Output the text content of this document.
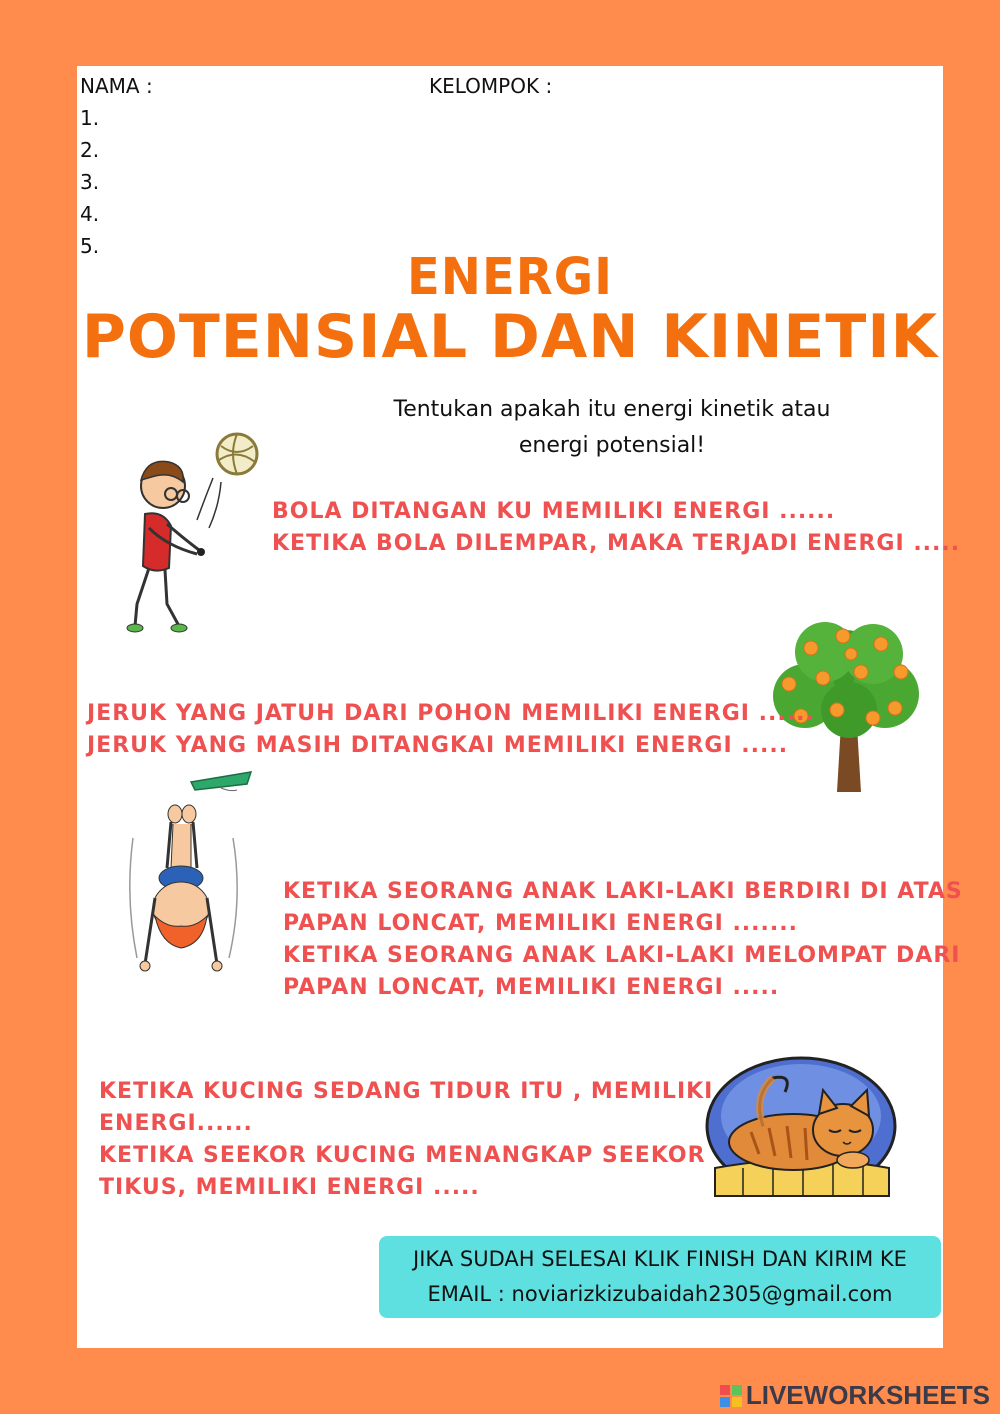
NAMA :	KELOMPOK :
1.
2.
3.
4.
5.
ENERGI
POTENSIAL DAN KINETIK
Tentukan apakah itu energi kinetik atau
energi potensial!
BOLA DITANGAN KU MEMILIKI ENERGI ......
KETIKA BOLA DILEMPAR, MAKA TERJADI ENERGI .....
JERUK YANG JATUH DARI POHON MEMILIKI ENERGI ......
JERUK YANG MASIH DITANGKAI MEMILIKI ENERGI .....
KETIKA SEORANG ANAK LAKI-LAKI BERDIRI DI ATAS
PAPAN LONCAT, MEMILIKI ENERGI .......
KETIKA SEORANG ANAK LAKI-LAKI MELOMPAT DARI
PAPAN LONCAT, MEMILIKI ENERGI .....
KETIKA KUCING SEDANG TIDUR ITU , MEMILIKI
ENERGI......
KETIKA SEEKOR KUCING MENANGKAP SEEKOR
TIKUS, MEMILIKI ENERGI .....
JIKA SUDAH SELESAI KLIK FINISH DAN KIRIM KE
EMAIL : noviarizkizubaidah2305@gmail.com
LIVEWORKSHEETS
